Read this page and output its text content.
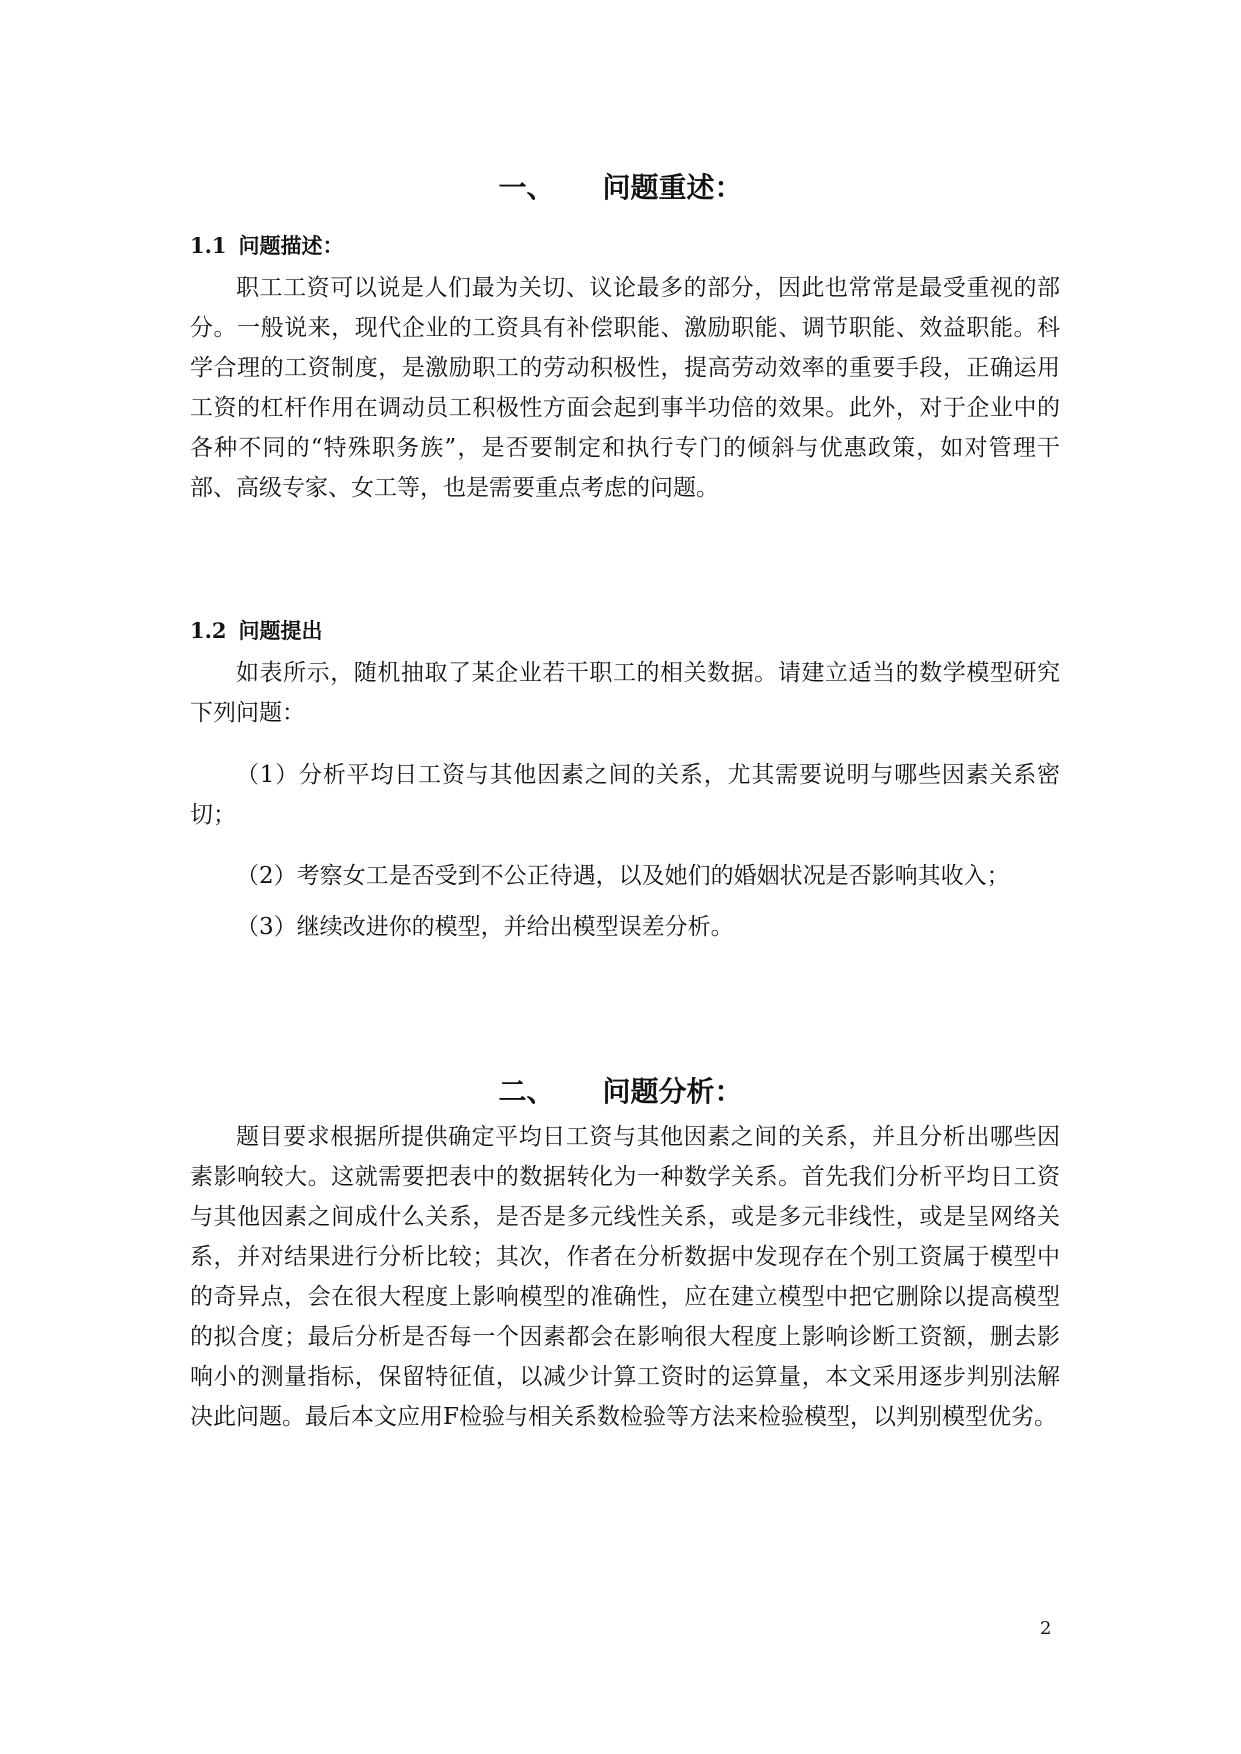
一、 问题重述：
1.1 问题描述：

职工工资可以说是人们最为关切、议论最多的部分，因此也常常是最受重视的部分。一般说来，现代企业的工资具有补偿职能、激励职能、调节职能、效益职能。科学合理的工资制度，是激励职工的劳动积极性，提高劳动效率的重要手段，正确运用工资的杠杆作用在调动员工积极性方面会起到事半功倍的效果。此外，对于企业中的各种不同的“特殊职务族”，是否要制定和执行专门的倾斜与优惠政策，如对管理干部、高级专家、女工等，也是需要重点考虑的问题。

1.2 问题提出

如表所示，随机抽取了某企业若干职工的相关数据。请建立适当的数学模型研究下列问题：

（1）分析平均日工资与其他因素之间的关系，尤其需要说明与哪些因素关系密切；

（2）考察女工是否受到不公正待遇，以及她们的婚姻状况是否影响其收入；

（3）继续改进你的模型，并给出模型误差分析。

二、 问题分析：

题目要求根据所提供确定平均日工资与其他因素之间的关系，并且分析出哪些因素影响较大。这就需要把表中的数据转化为一种数学关系。首先我们分析平均日工资与其他因素之间成什么关系，是否是多元线性关系，或是多元非线性，或是呈网络关系，并对结果进行分析比较；其次，作者在分析数据中发现存在个别工资属于模型中的奇异点，会在很大程度上影响模型的准确性，应在建立模型中把它删除以提高模型的拟合度；最后分析是否每一个因素都会在影响很大程度上影响诊断工资额，删去影响小的测量指标，保留特征值，以减少计算工资时的运算量，本文采用逐步判别法解决此问题。最后本文应用F检验与相关系数检验等方法来检验模型，以判别模型优劣。

2
